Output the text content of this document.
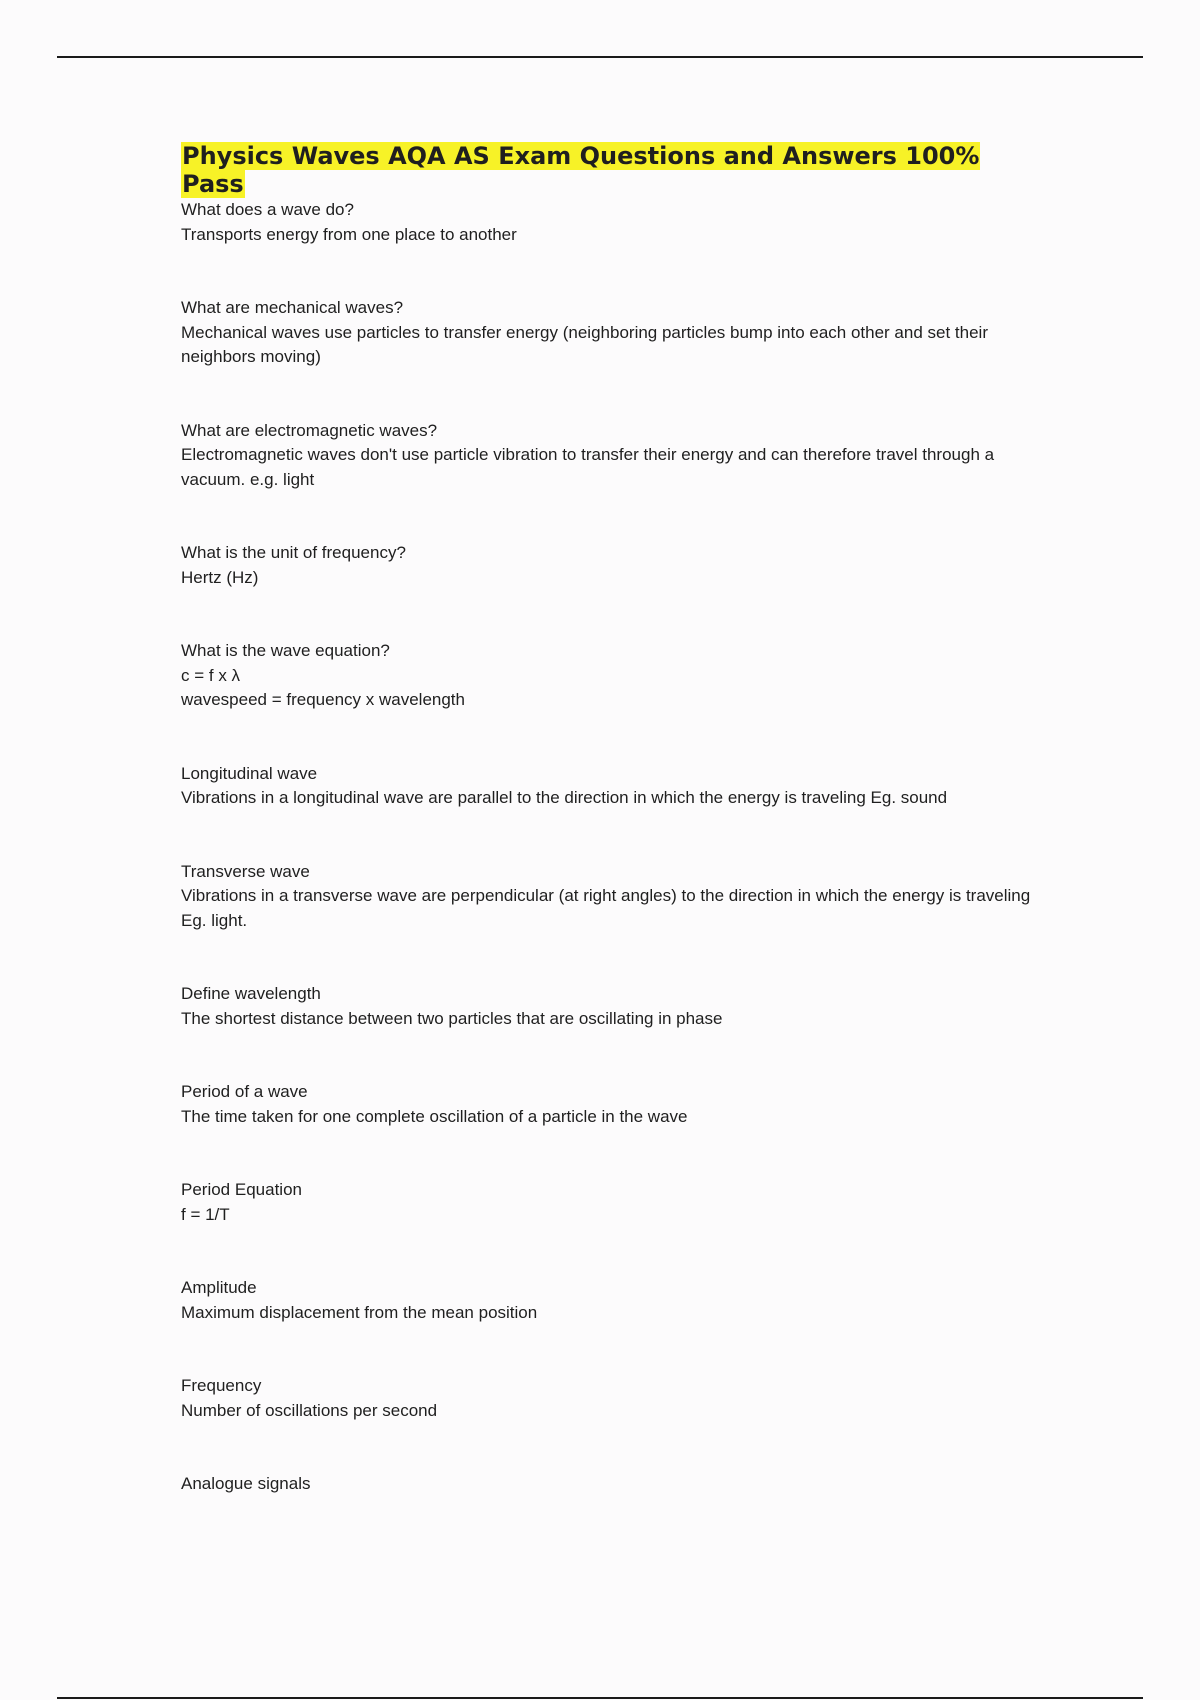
Physics Waves AQA AS Exam Questions and Answers 100% Pass

What does a wave do?

Transports energy from one place to another

What are mechanical waves?

Mechanical waves use particles to transfer energy (neighboring particles bump into each other and set their neighbors moving)

What are electromagnetic waves?

Electromagnetic waves don't use particle vibration to transfer their energy and can therefore travel through a vacuum. e.g. light

What is the unit of frequency?

Hertz (Hz)

What is the wave equation?

c = f x λ

wavespeed = frequency x wavelength

Longitudinal wave

Vibrations in a longitudinal wave are parallel to the direction in which the energy is traveling Eg. sound

Transverse wave

Vibrations in a transverse wave are perpendicular (at right angles) to the direction in which the energy is traveling Eg. light.

Define wavelength

The shortest distance between two particles that are oscillating in phase

Period of a wave

The time taken for one complete oscillation of a particle in the wave

Period Equation

f = 1/T

Amplitude

Maximum displacement from the mean position

Frequency

Number of oscillations per second

Analogue signals
